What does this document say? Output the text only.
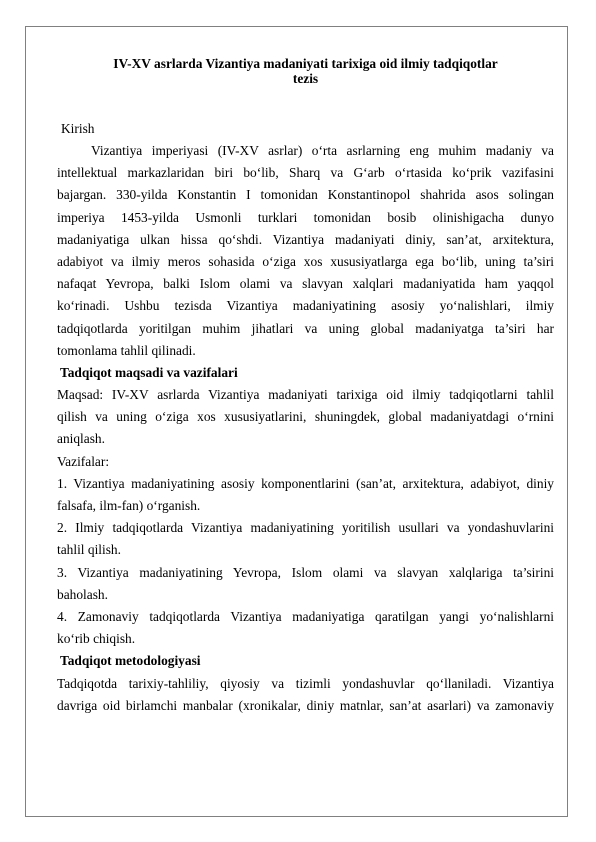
IV-XV asrlarda Vizantiya madaniyati tarixiga oid ilmiy tadqiqotlar
tezis
Kirish
Vizantiya imperiyasi (IV-XV asrlar) o‘rta asrlarning eng muhim madaniy va
intellektual markazlaridan biri bo‘lib, Sharq va G‘arb o‘rtasida ko‘prik vazifasini
bajargan. 330-yilda Konstantin I tomonidan Konstantinopol shahrida asos solingan
imperiya 1453-yilda Usmonli turklari tomonidan bosib olinishigacha dunyo
madaniyatiga ulkan hissa qo‘shdi. Vizantiya madaniyati diniy, san’at, arxitektura,
adabiyot va ilmiy meros sohasida o‘ziga xos xususiyatlarga ega bo‘lib, uning ta’siri
nafaqat Yevropa, balki Islom olami va slavyan xalqlari madaniyatida ham yaqqol
ko‘rinadi. Ushbu tezisda Vizantiya madaniyatining asosiy yo‘nalishlari, ilmiy
tadqiqotlarda yoritilgan muhim jihatlari va uning global madaniyatga ta’siri har
tomonlama tahlil qilinadi.
Tadqiqot maqsadi va vazifalari
Maqsad: IV-XV asrlarda Vizantiya madaniyati tarixiga oid ilmiy tadqiqotlarni tahlil
qilish va uning o‘ziga xos xususiyatlarini, shuningdek, global madaniyatdagi o‘rnini
aniqlash.
Vazifalar:
1. Vizantiya madaniyatining asosiy komponentlarini (san’at, arxitektura, adabiyot, diniy
falsafa, ilm-fan) o‘rganish.
2. Ilmiy tadqiqotlarda Vizantiya madaniyatining yoritilish usullari va yondashuvlarini
tahlil qilish.
3. Vizantiya madaniyatining Yevropa, Islom olami va slavyan xalqlariga ta’sirini
baholash.
4. Zamonaviy tadqiqotlarda Vizantiya madaniyatiga qaratilgan yangi yo‘nalishlarni
ko‘rib chiqish.
Tadqiqot metodologiyasi
Tadqiqotda tarixiy-tahliliy, qiyosiy va tizimli yondashuvlar qo‘llaniladi. Vizantiya
davriga oid birlamchi manbalar (xronikalar, diniy matnlar, san’at asarlari) va zamonaviy
